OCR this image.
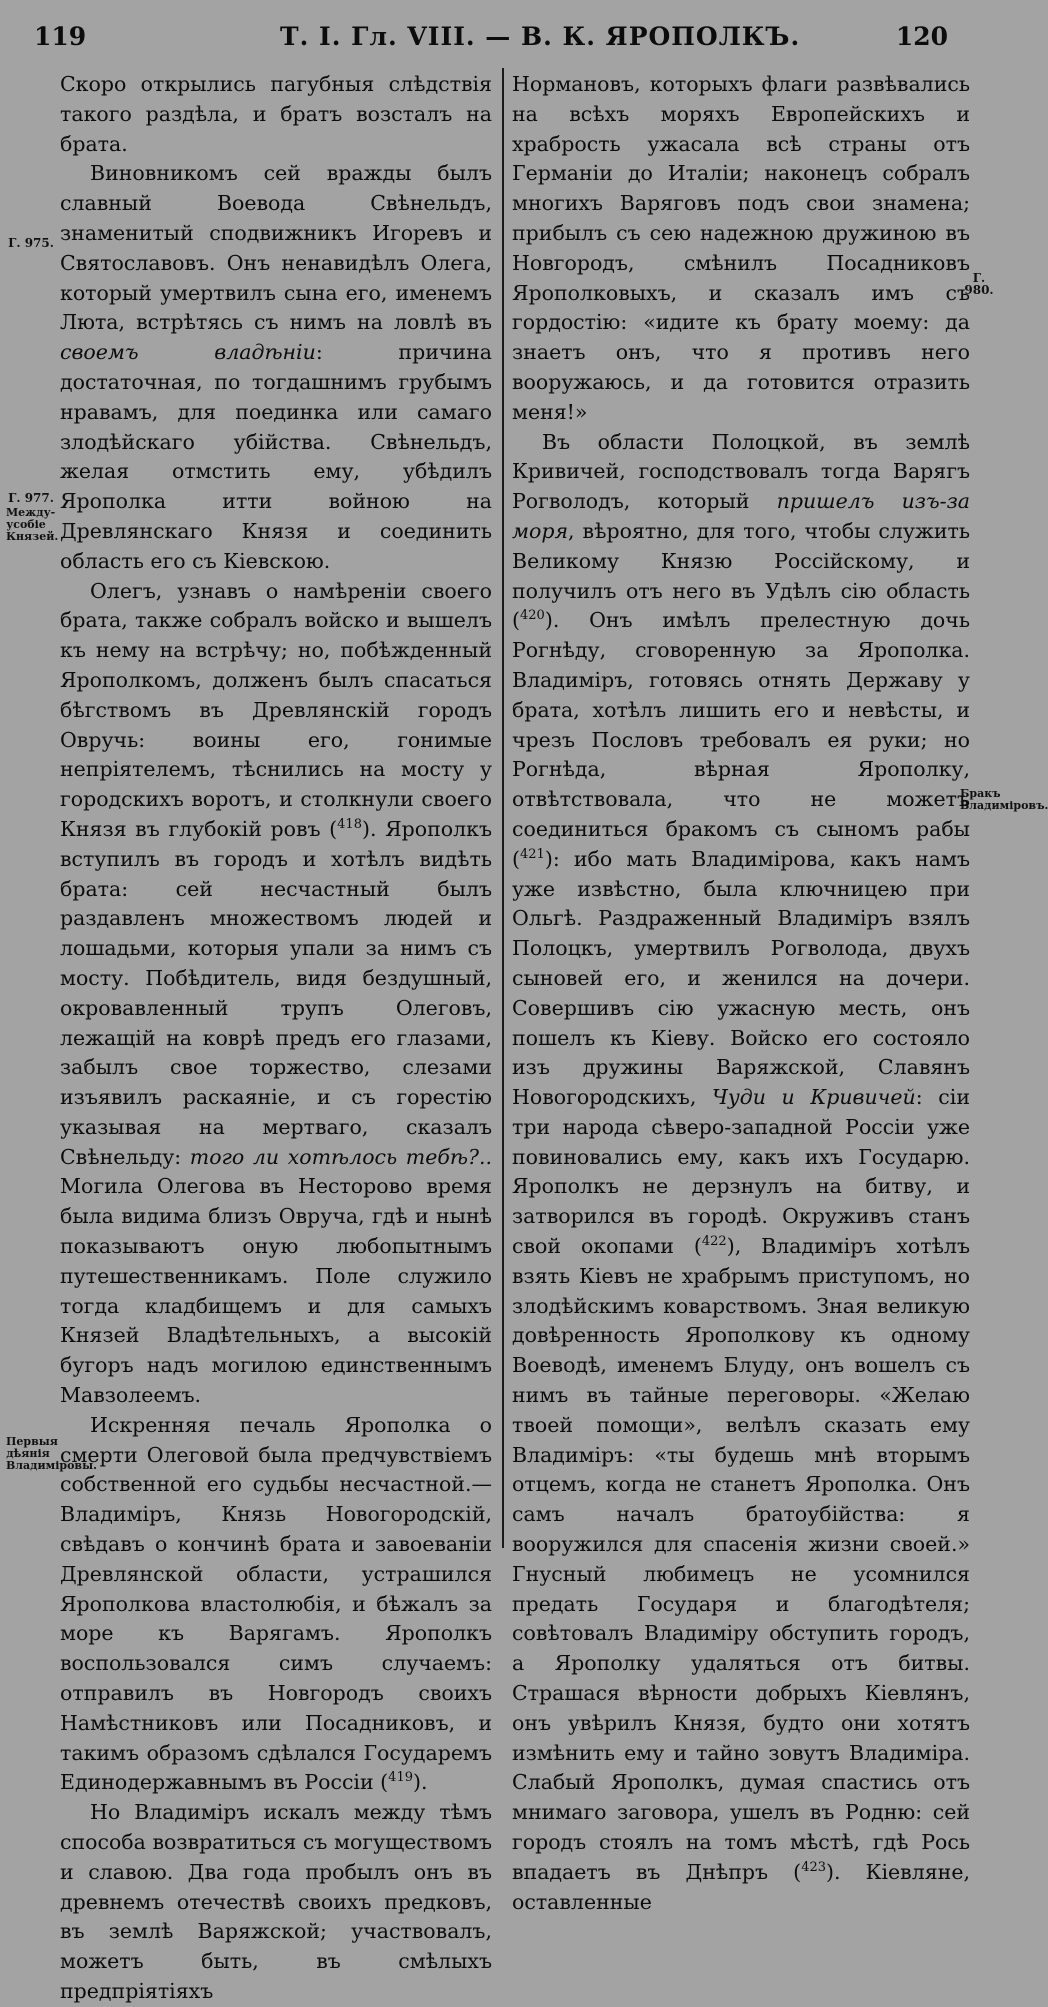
119	Т. I. Гл. VIII. — В. К. ЯРОПОЛКЪ.	120
Г. 975.
Г. 977.
Между-усобіе Князей.
Г. 980.
Бракъ Владиміровъ.
Первыя дѣянія Владиміровы.

Скоро открылись пагубныя слѣдствія такого раздѣла, и братъ возсталъ на брата.

Виновникомъ сей вражды былъ славный Воевода Свѣнельдъ, знаменитый сподвижникъ Игоревъ и Святославовъ. Онъ ненавидѣлъ Олега, который умертвилъ сына его, именемъ Люта, встрѣтясь съ нимъ на ловлѣ въ своемъ владѣніи: причина достаточная, по тогдашнимъ грубымъ нравамъ, для поединка или самаго злодѣйскаго убійства. Свѣнельдъ, желая отмстить ему, убѣдилъ Ярополка итти войною на Древлянскаго Князя и соединить область его съ Кіевскою.

Олегъ, узнавъ о намѣреніи своего брата, также собралъ войско и вышелъ къ нему на встрѣчу; но, побѣжденный Ярополкомъ, долженъ былъ спасаться бѣгствомъ въ Древлянскій городъ Овручь: воины его, гонимые непріятелемъ, тѣснились на мосту у городскихъ воротъ, и столкнули своего Князя въ глубокій ровъ ($^{418}$). Ярополкъ вступилъ въ городъ и хотѣлъ видѣть брата: сей несчастный былъ раздавленъ множествомъ людей и лошадьми, которыя упали за нимъ съ мосту. Побѣдитель, видя бездушный, окровавленный трупъ Олеговъ, лежащій на коврѣ предъ его глазами, забылъ свое торжество, слезами изъявилъ раскаяніе, и съ горестію указывая на мертваго, сказалъ Свѣнельду: того ли хотѣлось тебѣ?.. Могила Олегова въ Несторово время была видима близъ Овруча, гдѣ и нынѣ показываютъ оную любопытнымъ путешественникамъ. Поле служило тогда кладбищемъ и для самыхъ Князей Владѣтельныхъ, а высокій бугоръ надъ могилою единственнымъ Мавзолеемъ.

Искренняя печаль Ярополка о смерти Олеговой была предчувствіемъ собственной его судьбы несчастной.— Владиміръ, Князь Новогородскій, свѣдавъ о кончинѣ брата и завоеваніи Древлянской области, устрашился Ярополкова властолюбія, и бѣжалъ за море къ Варягамъ. Ярополкъ воспользовался симъ случаемъ: отправилъ въ Новгородъ своихъ Намѣстниковъ или Посадниковъ, и такимъ образомъ сдѣлался Государемъ Единодержавнымъ въ Россіи ($^{419}$).

Но Владиміръ искалъ между тѣмъ способа возвратиться съ могуществомъ и славою. Два года пробылъ онъ въ древнемъ отечествѣ своихъ предковъ, въ землѣ Варяжской; участвовалъ, можетъ быть, въ смѣлыхъ предпріятіяхъ

Нормановъ, которыхъ флаги развѣвались на всѣхъ моряхъ Европейскихъ и храбрость ужасала всѣ страны отъ Германіи до Италіи; наконецъ собралъ многихъ Варяговъ подъ свои знамена; прибылъ съ сею надежною дружиною въ Новгородъ, смѣнилъ Посадниковъ Ярополковыхъ, и сказалъ имъ съ гордостію: «идите къ брату моему: да знаетъ онъ, что я противъ него вооружаюсь, и да готовится отразить меня!»

Въ области Полоцкой, въ землѣ Кривичей, господствовалъ тогда Варягъ Рогволодъ, который пришелъ изъ-за моря, вѣроятно, для того, чтобы служить Великому Князю Россійскому, и получилъ отъ него въ Удѣлъ сію область ($^{420}$). Онъ имѣлъ прелестную дочь Рогнѣду, сговоренную за Ярополка. Владиміръ, готовясь отнять Державу у брата, хотѣлъ лишить его и невѣсты, и чрезъ Пословъ требовалъ ея руки; но Рогнѣда, вѣрная Ярополку, отвѣтствовала, что не можетъ соединиться бракомъ съ сыномъ рабы ($^{421}$): ибо мать Владимірова, какъ намъ уже извѣстно, была ключницею при Ольгѣ. Раздраженный Владиміръ взялъ Полоцкъ, умертвилъ Рогволода, двухъ сыновей его, и женился на дочери. Совершивъ сію ужасную месть, онъ пошелъ къ Кіеву. Войско его состояло изъ дружины Варяжской, Славянъ Новогородскихъ, Чуди и Кривичей: сіи три народа сѣверо-западной Россіи уже повиновались ему, какъ ихъ Государю. Ярополкъ не дерзнулъ на битву, и затворился въ городѣ. Окруживъ станъ свой окопами ($^{422}$), Владиміръ хотѣлъ взять Кіевъ не храбрымъ приступомъ, но злодѣйскимъ коварствомъ. Зная великую довѣренность Ярополкову къ одному Воеводѣ, именемъ Блуду, онъ вошелъ съ нимъ въ тайные переговоры. «Желаю твоей помощи», велѣлъ сказать ему Владиміръ: «ты будешь мнѣ вторымъ отцемъ, когда не станетъ Ярополка. Онъ самъ началъ братоубійства: я вооружился для спасенія жизни своей.» Гнусный любимецъ не усомнился предать Государя и благодѣтеля; совѣтовалъ Владиміру обступить городъ, а Ярополку удаляться отъ битвы. Страшася вѣрности добрыхъ Кіевлянъ, онъ увѣрилъ Князя, будто они хотятъ измѣнить ему и тайно зовутъ Владиміра. Слабый Ярополкъ, думая спастись отъ мнимаго заговора, ушелъ въ Родню: сей городъ стоялъ на томъ мѣстѣ, гдѣ Рось впадаетъ въ Днѣпръ ($^{423}$). Кіевляне, оставленные
